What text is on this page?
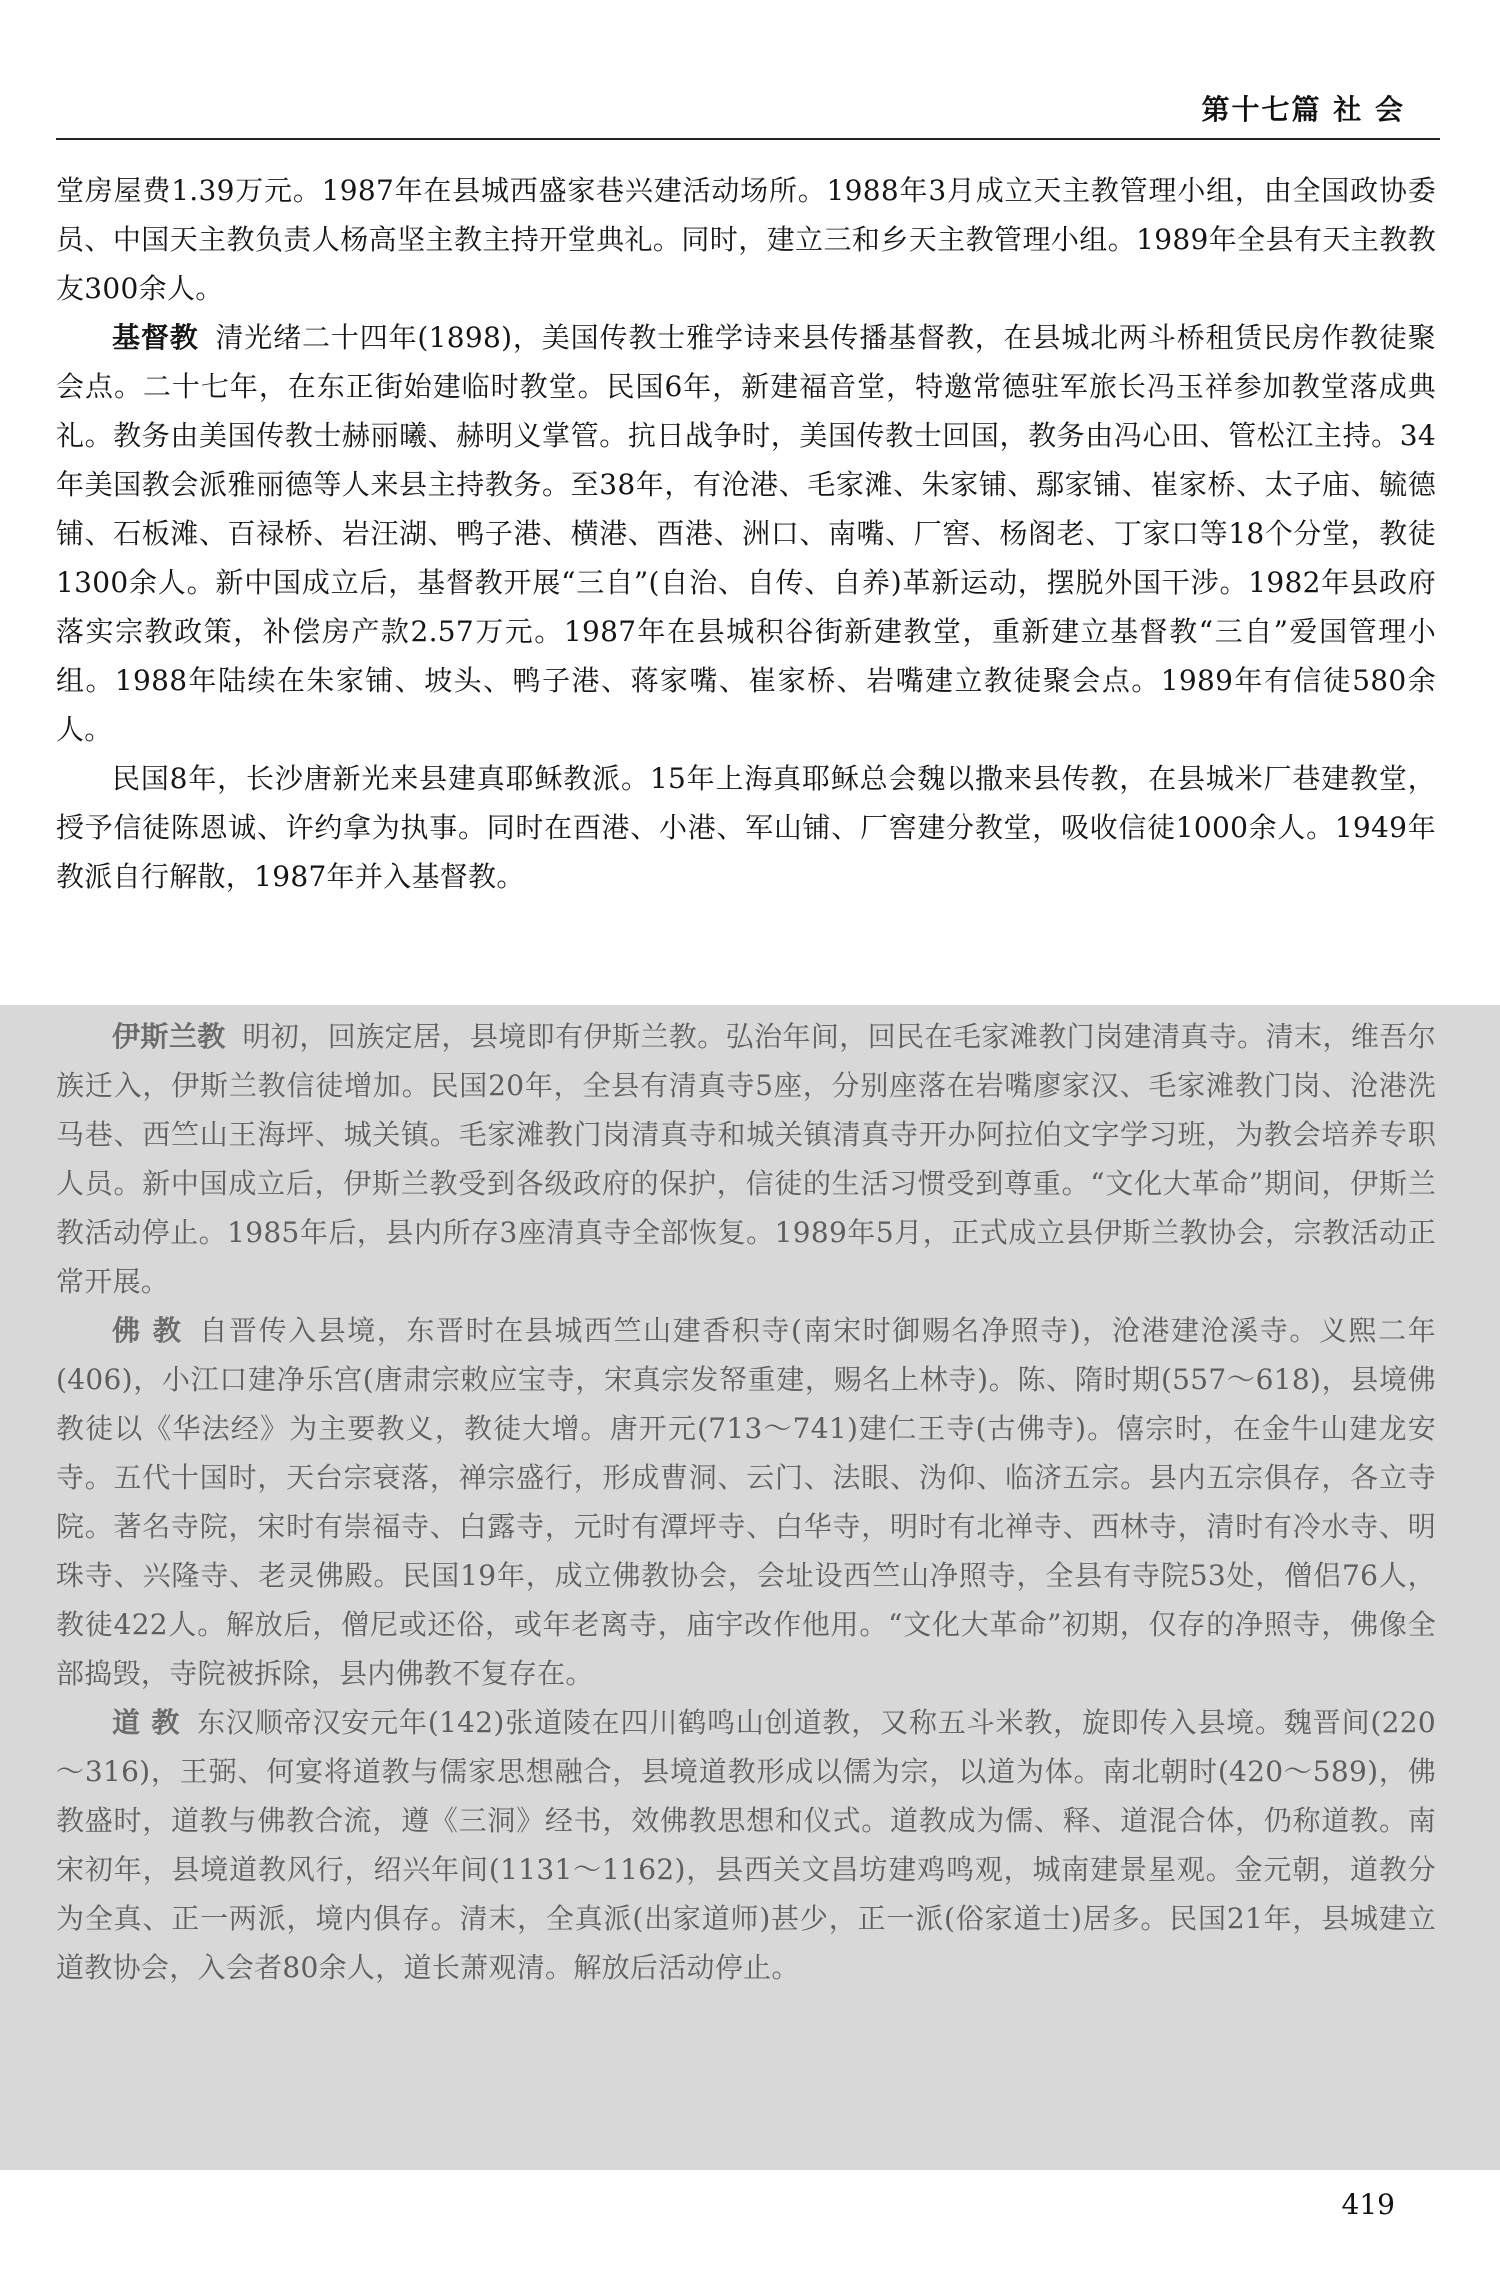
第十七篇 社 会

堂房屋费1.39万元。1987年在县城西盛家巷兴建活动场所。1988年3月成立天主教管理小组，由全国政协委员、中国天主教负责人杨高坚主教主持开堂典礼。同时，建立三和乡天主教管理小组。1989年全县有天主教教友300余人。

基督教 清光绪二十四年(1898)，美国传教士雅学诗来县传播基督教，在县城北两斗桥租赁民房作教徒聚会点。二十七年，在东正街始建临时教堂。民国6年，新建福音堂，特邀常德驻军旅长冯玉祥参加教堂落成典礼。教务由美国传教士赫丽曦、赫明义掌管。抗日战争时，美国传教士回国，教务由冯心田、管松江主持。34年美国教会派雅丽德等人来县主持教务。至38年，有沧港、毛家滩、朱家铺、鄢家铺、崔家桥、太子庙、毓德铺、石板滩、百禄桥、岩汪湖、鸭子港、横港、酉港、洲口、南嘴、厂窖、杨阁老、丁家口等18个分堂，教徒1300余人。新中国成立后，基督教开展“三自”(自治、自传、自养)革新运动，摆脱外国干涉。1982年县政府落实宗教政策，补偿房产款2.57万元。1987年在县城积谷街新建教堂，重新建立基督教“三自”爱国管理小组。1988年陆续在朱家铺、坡头、鸭子港、蒋家嘴、崔家桥、岩嘴建立教徒聚会点。1989年有信徒580余人。

民国8年，长沙唐新光来县建真耶稣教派。15年上海真耶稣总会魏以撒来县传教，在县城米厂巷建教堂，授予信徒陈恩诚、许约拿为执事。同时在酉港、小港、军山铺、厂窖建分教堂，吸收信徒1000余人。1949年教派自行解散，1987年并入基督教。

伊斯兰教 明初，回族定居，县境即有伊斯兰教。弘治年间，回民在毛家滩教门岗建清真寺。清末，维吾尔族迁入，伊斯兰教信徒增加。民国20年，全县有清真寺5座，分别座落在岩嘴廖家汉、毛家滩教门岗、沧港洗马巷、西竺山王海坪、城关镇。毛家滩教门岗清真寺和城关镇清真寺开办阿拉伯文字学习班，为教会培养专职人员。新中国成立后，伊斯兰教受到各级政府的保护，信徒的生活习惯受到尊重。“文化大革命”期间，伊斯兰教活动停止。1985年后，县内所存3座清真寺全部恢复。1989年5月，正式成立县伊斯兰教协会，宗教活动正常开展。

佛 教 自晋传入县境，东晋时在县城西竺山建香积寺(南宋时御赐名净照寺)，沧港建沧溪寺。义熙二年(406)，小江口建净乐宫(唐肃宗敕应宝寺，宋真宗发帑重建，赐名上林寺)。陈、隋时期(557～618)，县境佛教徒以《华法经》为主要教义，教徒大增。唐开元(713～741)建仁王寺(古佛寺)。僖宗时，在金牛山建龙安寺。五代十国时，天台宗衰落，禅宗盛行，形成曹洞、云门、法眼、沩仰、临济五宗。县内五宗俱存，各立寺院。著名寺院，宋时有崇福寺、白露寺，元时有潭坪寺、白华寺，明时有北禅寺、西林寺，清时有冷水寺、明珠寺、兴隆寺、老灵佛殿。民国19年，成立佛教协会，会址设西竺山净照寺，全县有寺院53处，僧侣76人，教徒422人。解放后，僧尼或还俗，或年老离寺，庙宇改作他用。“文化大革命”初期，仅存的净照寺，佛像全部捣毁，寺院被拆除，县内佛教不复存在。

道 教 东汉顺帝汉安元年(142)张道陵在四川鹤鸣山创道教，又称五斗米教，旋即传入县境。魏晋间(220～316)，王弼、何宴将道教与儒家思想融合，县境道教形成以儒为宗，以道为体。南北朝时(420～589)，佛教盛时，道教与佛教合流，遵《三洞》经书，效佛教思想和仪式。道教成为儒、释、道混合体，仍称道教。南宋初年，县境道教风行，绍兴年间(1131～1162)，县西关文昌坊建鸡鸣观，城南建景星观。金元朝，道教分为全真、正一两派，境内俱存。清末，全真派(出家道师)甚少，正一派(俗家道士)居多。民国21年，县城建立道教协会，入会者80余人，道长萧观清。解放后活动停止。

419
